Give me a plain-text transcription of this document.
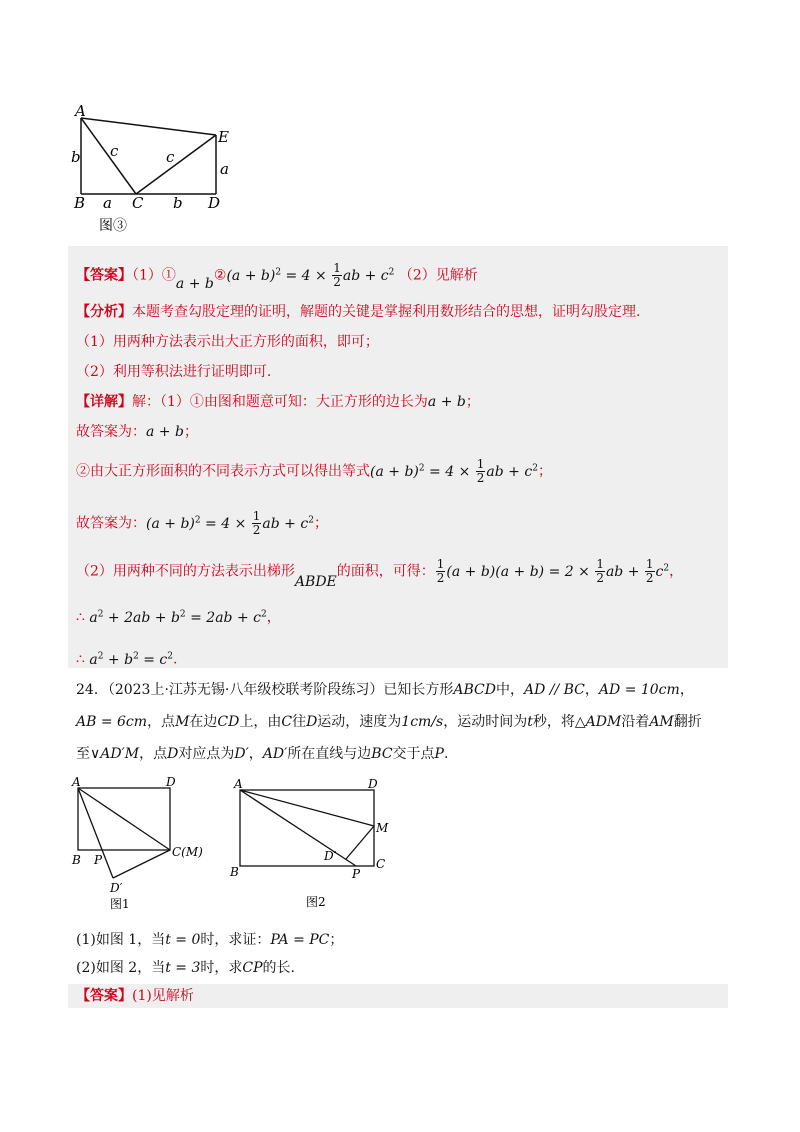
A
E
B	C	D
b
a	b
a
c	c
图③
【答案】（1）①a + b②(a + $b)^2 = 4 \times \frac{1}{2}$ ab + $c^2$ （2）见解析
【分析】本题考查勾股定理的证明，解题的关键是掌握利用数形结合的思想，证明勾股定理.
（1）用两种方法表示出大正方形的面积，即可；
（2）利用等积法进行证明即可.
【详解】解：（1）①由图和题意可知：大正方形的边长为a + b；
故答案为：a + b；
②由大正方形面积的不同表示方式可以得出等式$(a + b)^2 = 4 \times \frac{1}{2}$ ab + $c^2$；
故答案为：$(a + b)^2 = 4 \times \frac{1}{2}$ ab + $c^2$；
（2）用两种不同的方法表示出梯形ABDE的面积，可得： $\frac{1}{2} (a + b)(a + b) = 2 \times \frac{1}{2}$ ab + $\frac{1}{2} c^2$，
∴ $a^2 + 2ab + b^2 = 2ab + c^2$，
∴ $a^2 + b^2 = c^2$.
24．（2023上·江苏无锡·八年级校联考阶段练习）已知长方形ABCD中，AD // BC，AD = 10cm，
AB = 6cm，点M在边CD上，由C往D运动，速度为1cm/s，运动时间为t秒，将△ADM沿着AM翻折
至∨AD′M，点D对应点为D′，AD′所在直线与边BC交于点P.
A	D
B P
C(M)
D′
图1
A	D
M
D′
C
B	P
图2
(1)如图 1，当t = 0时，求证：PA = PC；
(2)如图 2，当t = 3时，求CP的长.
【答案】(1)见解析
